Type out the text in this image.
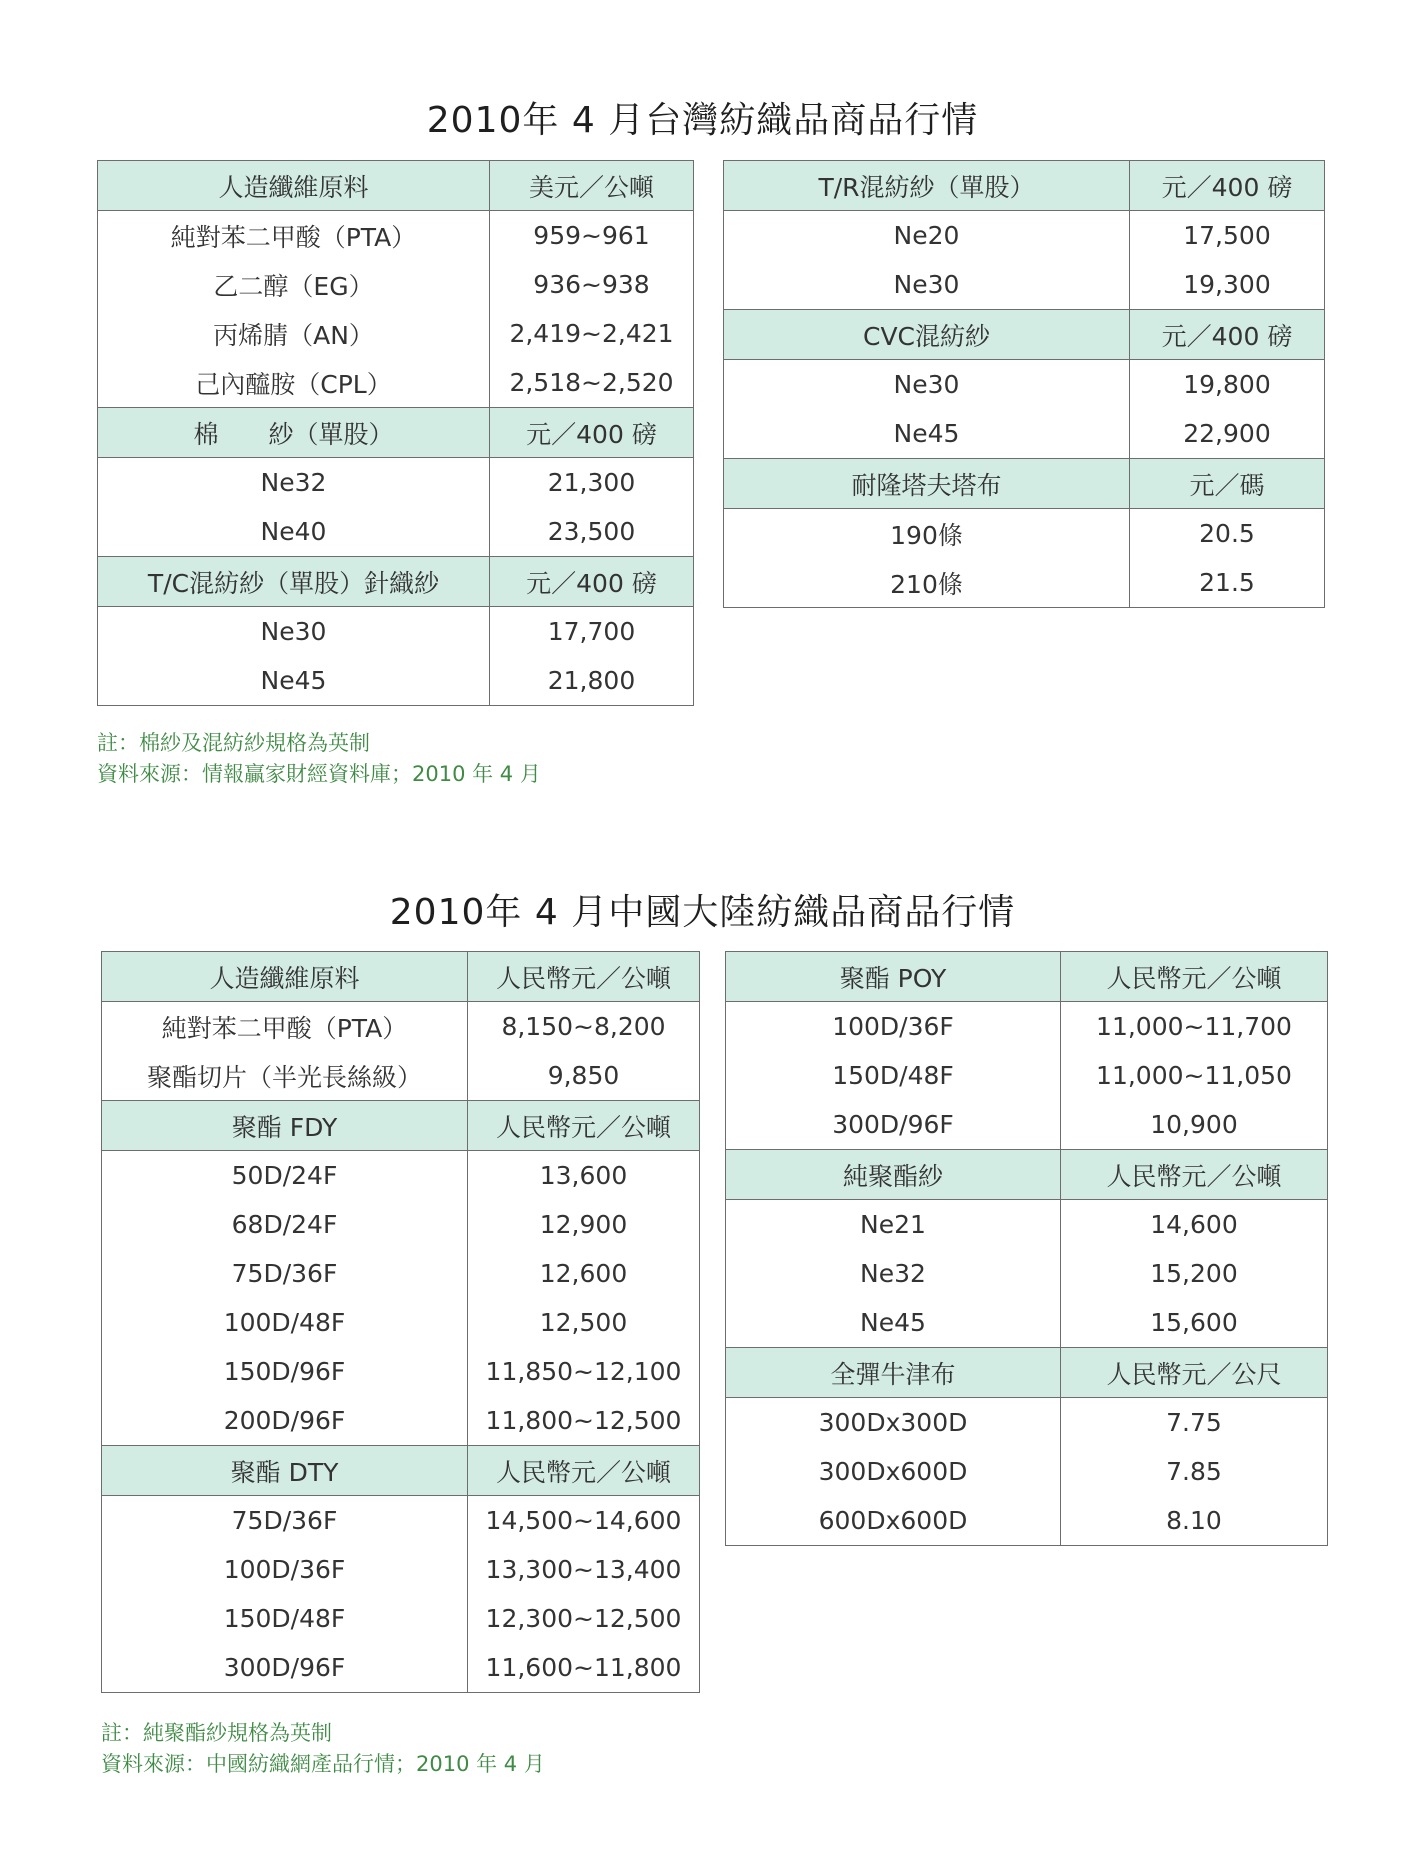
2010年 4 月台灣紡織品商品行情
人造纖維原料	美元／公噸
純對苯二甲酸（PTA）	959~961
乙二醇（EG）	936~938
丙烯腈（AN）	2,419~2,421
己內醯胺（CPL）	2,518~2,520
棉　　紗（單股）	元／400 磅
Ne32	21,300
Ne40	23,500
T/C混紡紗（單股）針織紗	元／400 磅
Ne30	17,700
Ne45	21,800
T/R混紡紗（單股）	元／400 磅
Ne20	17,500
Ne30	19,300
CVC混紡紗	元／400 磅
Ne30	19,800
Ne45	22,900
耐隆塔夫塔布	元／碼
190條	20.5
210條	21.5
註：棉紗及混紡紗規格為英制
資料來源：情報贏家財經資料庫；2010 年 4 月
2010年 4 月中國大陸紡織品商品行情
人造纖維原料	人民幣元／公噸
純對苯二甲酸（PTA）	8,150~8,200
聚酯切片（半光長絲級）	9,850
聚酯 FDY	人民幣元／公噸
50D/24F	13,600
68D/24F	12,900
75D/36F	12,600
100D/48F	12,500
150D/96F	11,850~12,100
200D/96F	11,800~12,500
聚酯 DTY	人民幣元／公噸
75D/36F	14,500~14,600
100D/36F	13,300~13,400
150D/48F	12,300~12,500
300D/96F	11,600~11,800
聚酯 POY	人民幣元／公噸
100D/36F	11,000~11,700
150D/48F	11,000~11,050
300D/96F	10,900
純聚酯紗	人民幣元／公噸
Ne21	14,600
Ne32	15,200
Ne45	15,600
全彈牛津布	人民幣元／公尺
300Dx300D	7.75
300Dx600D	7.85
600Dx600D	8.10
註：純聚酯紗規格為英制
資料來源：中國紡織網產品行情；2010 年 4 月
